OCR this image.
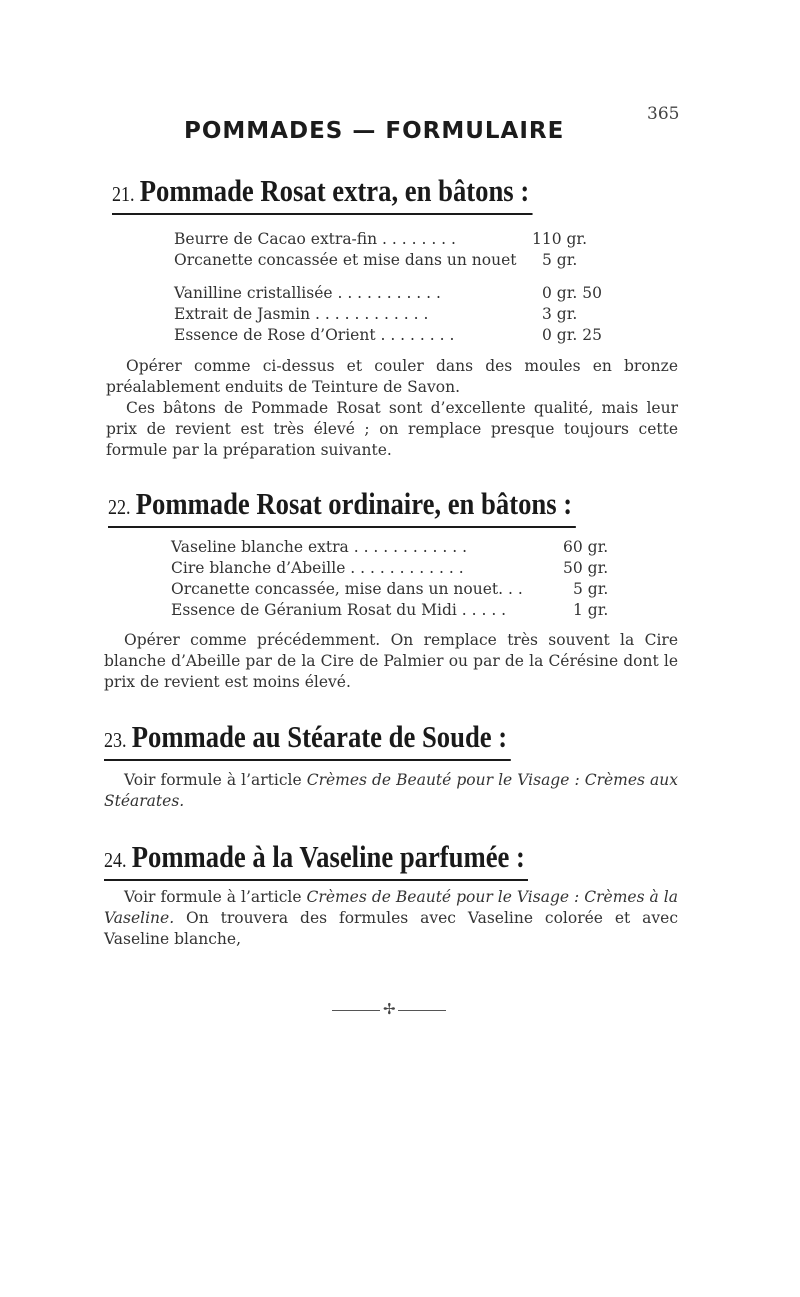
365
POMMADES — FORMULAIRE
21. Pommade Rosat extra, en bâtons :
Beurre de Cacao extra-fin . . . . . . . .	110 gr.
Orcanette concassée et mise dans un nouet	5 gr.
Vanilline cristallisée . . . . . . . . . . .	0 gr. 50
Extrait de Jasmin . . . . . . . . . . . .	3 gr.
Essence de Rose d’Orient . . . . . . . .	0 gr. 25

Opérer comme ci-dessus et couler dans des moules en bronze préalablement enduits de Teinture de Savon.

Ces bâtons de Pommade Rosat sont d’excellente qualité, mais leur prix de revient est très élevé ; on remplace presque toujours cette formule par la préparation suivante.

22. Pommade Rosat ordinaire, en bâtons :
Vaseline blanche extra . . . . . . . . . . . .	60 gr.
Cire blanche d’Abeille . . . . . . . . . . . .	50 gr.
Orcanette concassée, mise dans un nouet. . .	5 gr.
Essence de Géranium Rosat du Midi . . . . .	1 gr.

Opérer comme précédemment. On remplace très souvent la Cire blanche d’Abeille par de la Cire de Palmier ou par de la Cérésine dont le prix de revient est moins élevé.

23. Pommade au Stéarate de Soude :

Voir formule à l’article Crèmes de Beauté pour le Visage : Crèmes aux Stéarates.

24. Pommade à la Vaseline parfumée :

Voir formule à l’article Crèmes de Beauté pour le Visage : Crèmes à la Vaseline. On trouvera des formules avec Vaseline colorée et avec Vaseline blanche,

✢
